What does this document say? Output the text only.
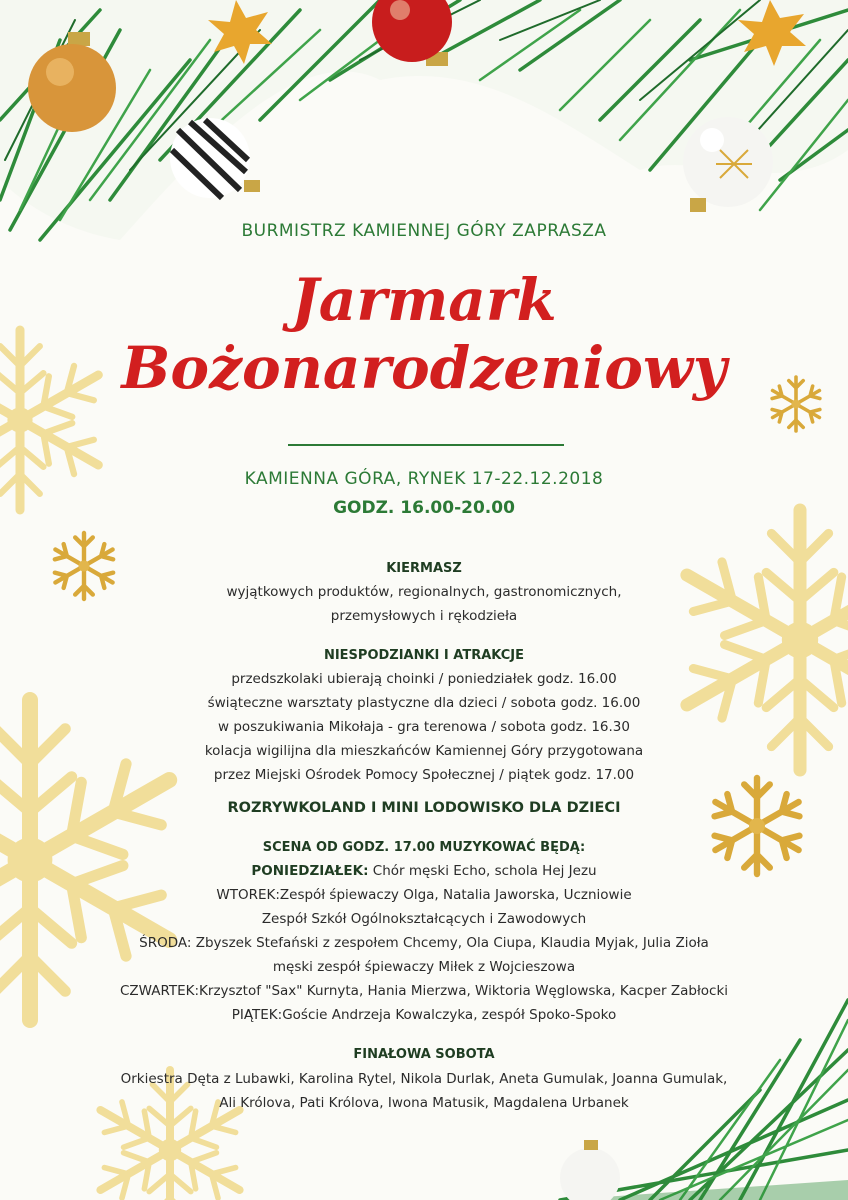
BURMISTRZ KAMIENNEJ GÓRY ZAPRASZA
Jarmark
Bożonarodzeniowy
KAMIENNA GÓRA, RYNEK 17-22.12.2018
GODZ. 16.00-20.00
KIERMASZ
wyjątkowych produktów, regionalnych, gastronomicznych,
przemysłowych i rękodzieła
NIESPODZIANKI I ATRAKCJE
przedszkolaki ubierają choinki / poniedziałek godz. 16.00
świąteczne warsztaty plastyczne dla dzieci / sobota godz. 16.00
w poszukiwania Mikołaja - gra terenowa / sobota godz. 16.30
kolacja wigilijna dla mieszkańców Kamiennej Góry przygotowana
przez Miejski Ośrodek Pomocy Społecznej / piątek godz. 17.00
ROZRYWKOLAND I MINI LODOWISKO DLA DZIECI
SCENA OD GODZ. 17.00 MUZYKOWAĆ BĘDĄ:
PONIEDZIAŁEK: Chór męski Echo, schola Hej Jezu
WTOREK:Zespół śpiewaczy Olga, Natalia Jaworska, Uczniowie
Zespół Szkół Ogólnokształcących i Zawodowych
ŚRODA: Zbyszek Stefański z zespołem Chcemy, Ola Ciupa, Klaudia Myjak, Julia Zioła
męski zespół śpiewaczy Miłek z Wojcieszowa
CZWARTEK:Krzysztof "Sax" Kurnyta, Hania Mierzwa, Wiktoria Węglowska, Kacper Zabłocki
PIĄTEK:Goście Andrzeja Kowalczyka, zespół Spoko-Spoko
FINAŁOWA SOBOTA
Orkiestra Dęta z Lubawki, Karolina Rytel, Nikola Durlak, Aneta Gumulak, Joanna Gumulak,
Ali Królova, Pati Królova, Iwona Matusik, Magdalena Urbanek
